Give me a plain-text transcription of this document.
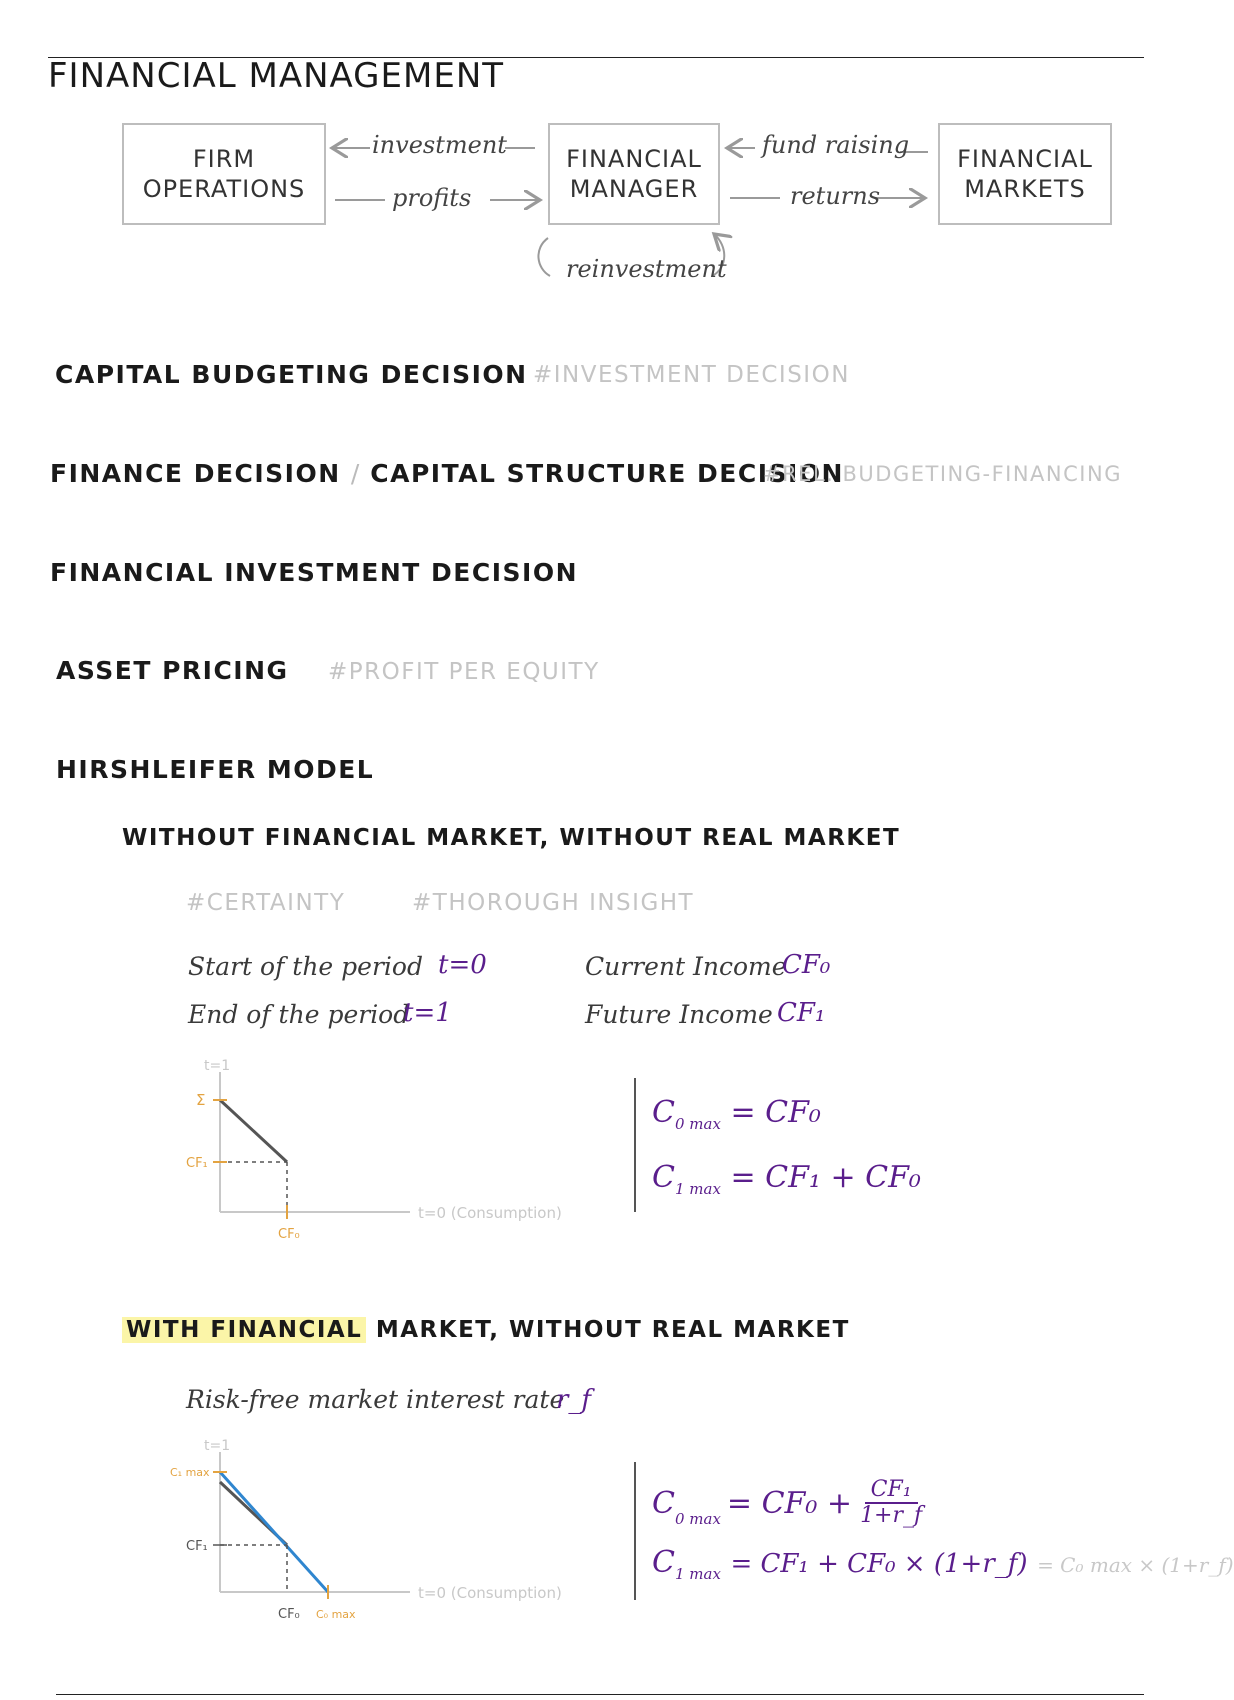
FINANCIAL MANAGEMENT
FIRM
OPERATIONS
FINANCIAL
MANAGER
FINANCIAL
MARKETS
investment
profits
fund raising
returns
reinvestment
CAPITAL BUDGETING DECISION #INVESTMENT DECISION
FINANCE DECISION / CAPITAL STRUCTURE DECISION
#REL. BUDGETING-FINANCING
FINANCIAL INVESTMENT DECISION
ASSET PRICING #PROFIT PER EQUITY
HIRSHLEIFER MODEL
WITHOUT FINANCIAL MARKET, WITHOUT REAL MARKET
#CERTAINTY	#THOROUGH INSIGHT
Start of the period t=0
End of the period
t=1
Current Income
CF₀
Future Income CF₁
t=1
t=0 (Consumption)
Σ
CF₁
CF₀
$C_{0 max} = CF_0$
$C_{1 max} = CF_1 + CF_0$
WITH FINANCIAL MARKET, WITHOUT REAL MARKET
Risk-free market interest rate
r_f
t=1
t=0 (Consumption)
C₁ max
CF₁
CF₀ C₀ max
$C_{0 max} = CF_0 + \frac{\text{CF₁}}{1+r\_f}$
$C_{1 max} = CF_1 + CF_0$ × (1+r_f) = C₀ max × (1+r_f)
